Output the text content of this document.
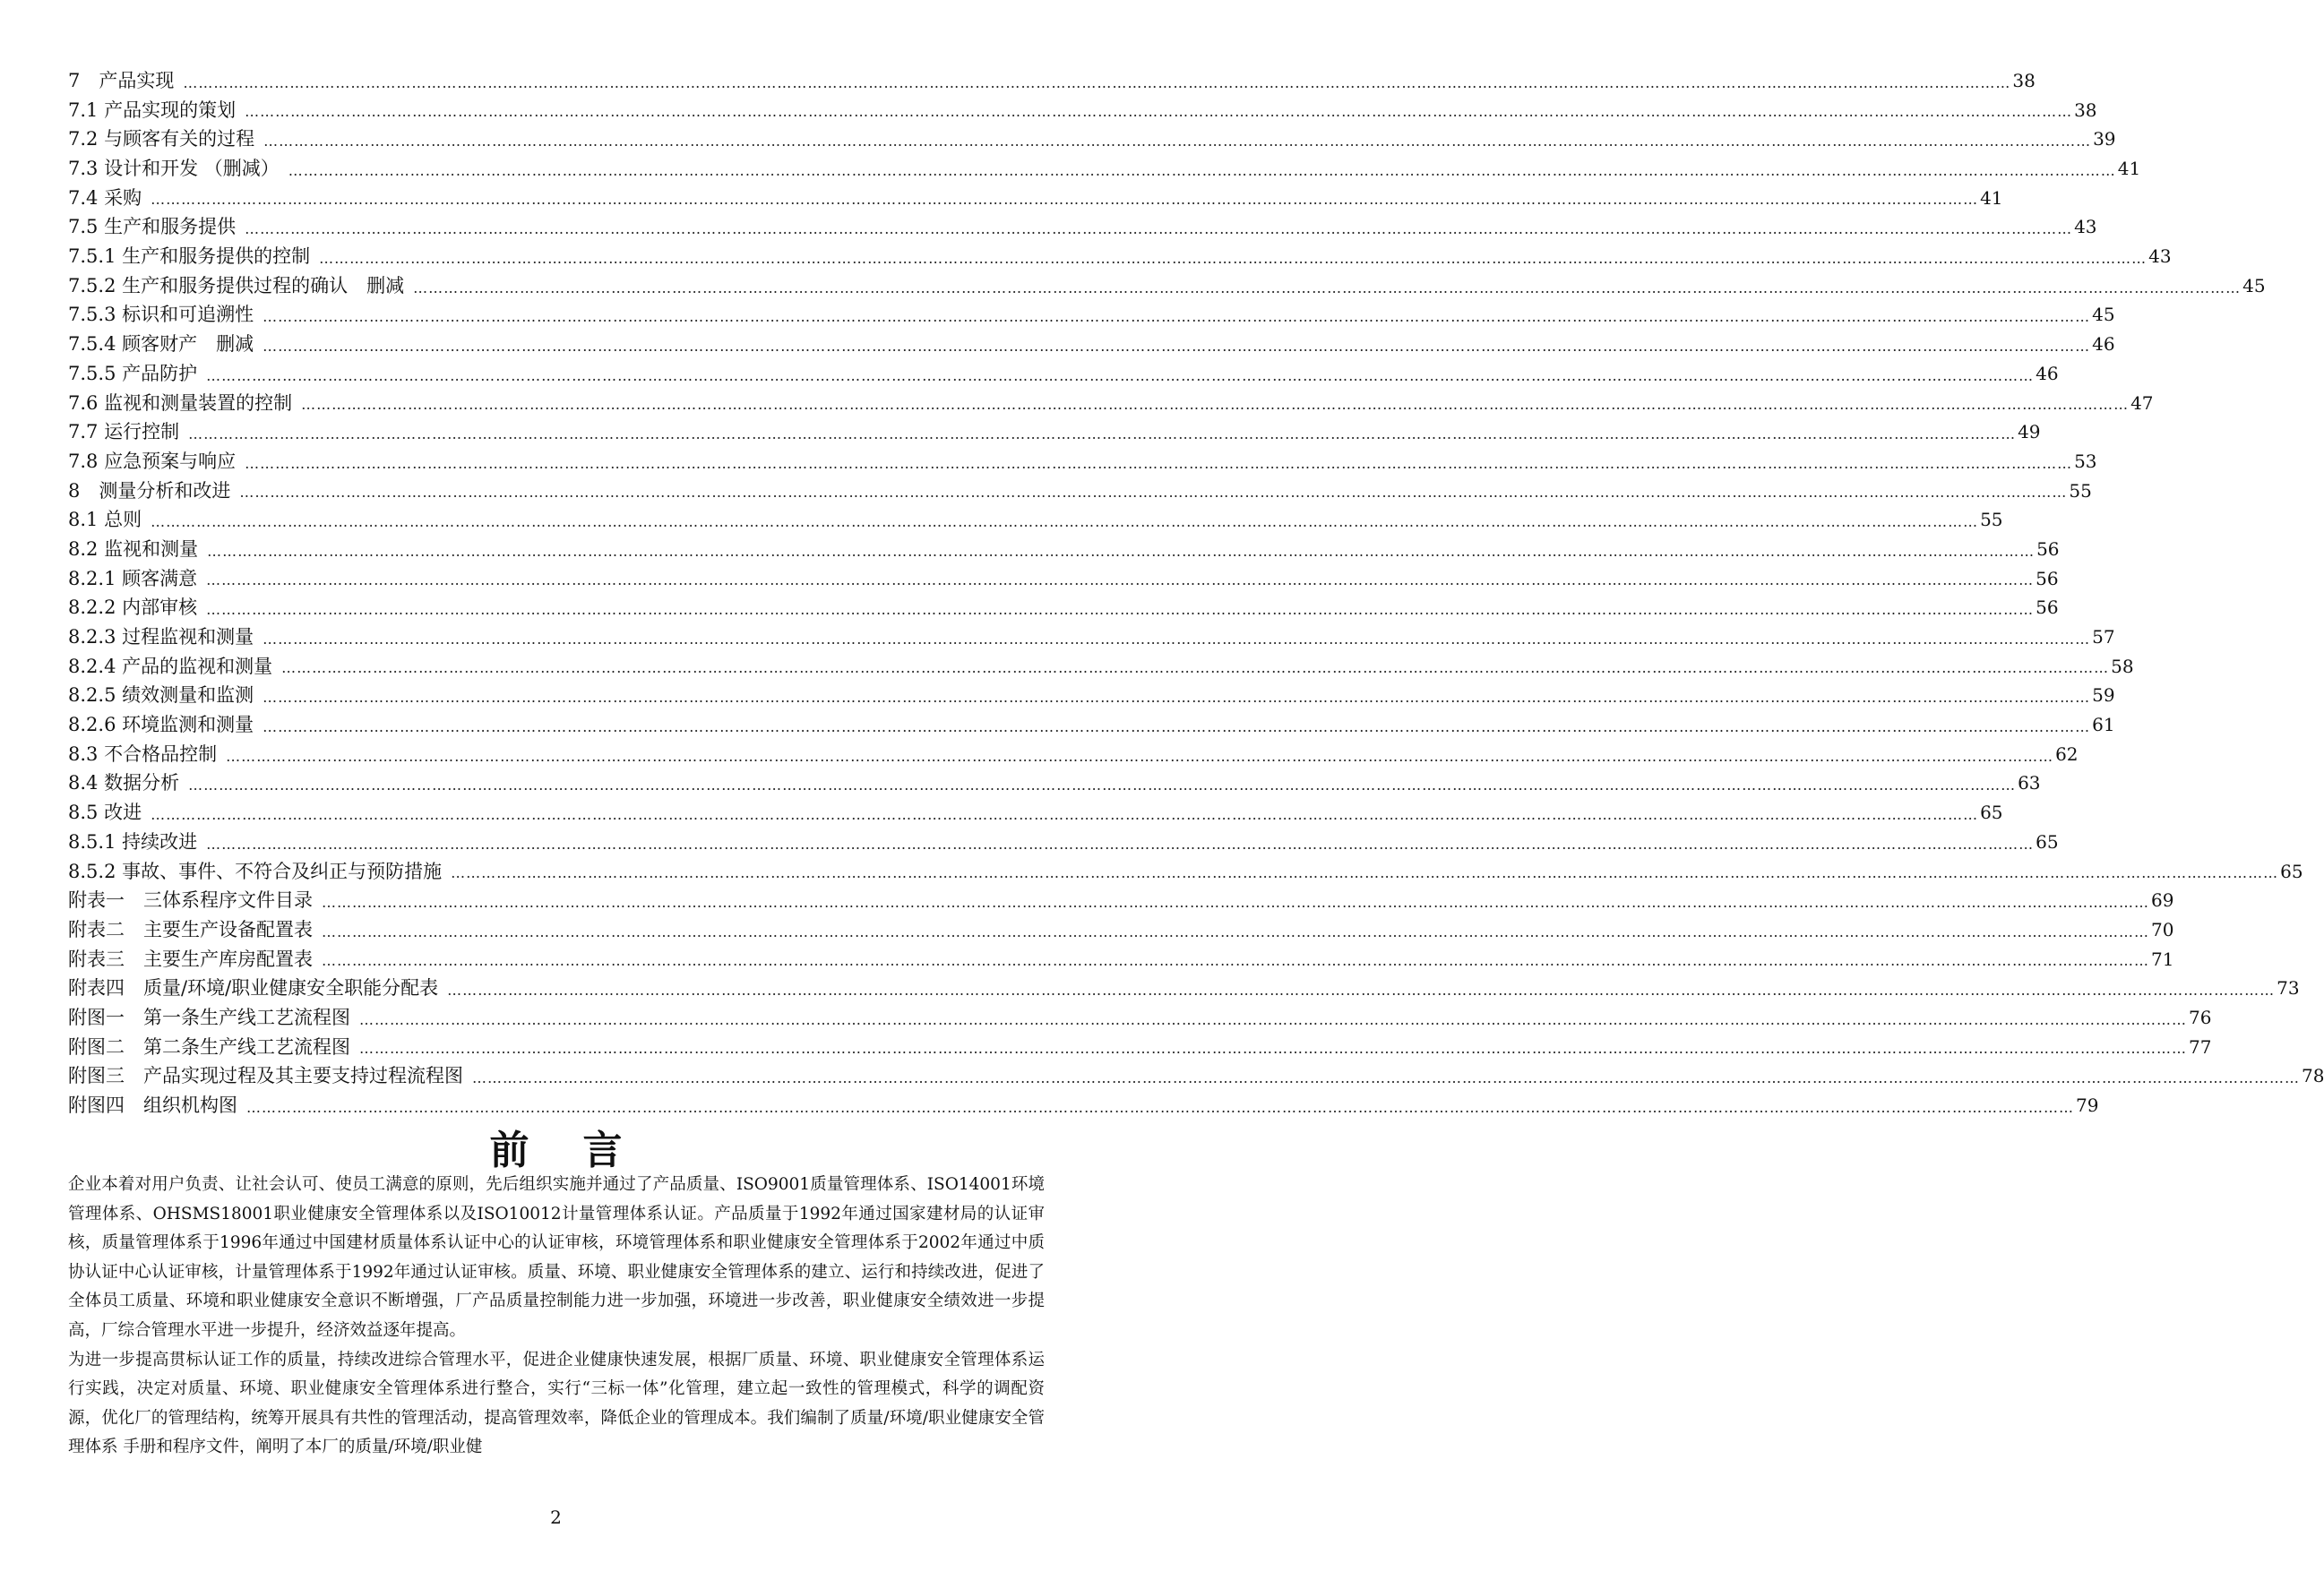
7　产品实现 ……………………………………………………………………………………………………………………………………………………………………………………………………………………………………………………………………………………………………………………………… 38
7.1 产品实现的策划 ……………………………………………………………………………………………………………………………………………………………………………………………………………………………………………………………………………………………………………………………… 38
7.2 与顾客有关的过程 ……………………………………………………………………………………………………………………………………………………………………………………………………………………………………………………………………………………………………………………………… 39
7.3 设计和开发 （删减） ……………………………………………………………………………………………………………………………………………………………………………………………………………………………………………………………………………………………………………………………… 41
7.4 采购 ……………………………………………………………………………………………………………………………………………………………………………………………………………………………………………………………………………………………………………………………… 41
7.5 生产和服务提供 ……………………………………………………………………………………………………………………………………………………………………………………………………………………………………………………………………………………………………………………………… 43
7.5.1 生产和服务提供的控制 ……………………………………………………………………………………………………………………………………………………………………………………………………………………………………………………………………………………………………………………………… 43
7.5.2 生产和服务提供过程的确认　删减 ……………………………………………………………………………………………………………………………………………………………………………………………………………………………………………………………………………………………………………………………… 45
7.5.3 标识和可追溯性 ……………………………………………………………………………………………………………………………………………………………………………………………………………………………………………………………………………………………………………………………… 45
7.5.4 顾客财产　删减 ……………………………………………………………………………………………………………………………………………………………………………………………………………………………………………………………………………………………………………………………… 46
7.5.5 产品防护 ……………………………………………………………………………………………………………………………………………………………………………………………………………………………………………………………………………………………………………………………… 46
7.6 监视和测量装置的控制 ……………………………………………………………………………………………………………………………………………………………………………………………………………………………………………………………………………………………………………………………… 47
7.7 运行控制 ……………………………………………………………………………………………………………………………………………………………………………………………………………………………………………………………………………………………………………………………… 49
7.8 应急预案与响应 ……………………………………………………………………………………………………………………………………………………………………………………………………………………………………………………………………………………………………………………………… 53
8　测量分析和改进 ……………………………………………………………………………………………………………………………………………………………………………………………………………………………………………………………………………………………………………………………… 55
8.1 总则 ……………………………………………………………………………………………………………………………………………………………………………………………………………………………………………………………………………………………………………………………… 55
8.2 监视和测量 ……………………………………………………………………………………………………………………………………………………………………………………………………………………………………………………………………………………………………………………………… 56
8.2.1 顾客满意 ……………………………………………………………………………………………………………………………………………………………………………………………………………………………………………………………………………………………………………………………… 56
8.2.2 内部审核 ……………………………………………………………………………………………………………………………………………………………………………………………………………………………………………………………………………………………………………………………… 56
8.2.3 过程监视和测量 ……………………………………………………………………………………………………………………………………………………………………………………………………………………………………………………………………………………………………………………………… 57
8.2.4 产品的监视和测量 ……………………………………………………………………………………………………………………………………………………………………………………………………………………………………………………………………………………………………………………………… 58
8.2.5 绩效测量和监测 ……………………………………………………………………………………………………………………………………………………………………………………………………………………………………………………………………………………………………………………………… 59
8.2.6 环境监测和测量 ……………………………………………………………………………………………………………………………………………………………………………………………………………………………………………………………………………………………………………………………… 61
8.3 不合格品控制 ……………………………………………………………………………………………………………………………………………………………………………………………………………………………………………………………………………………………………………………………… 62
8.4 数据分析 ……………………………………………………………………………………………………………………………………………………………………………………………………………………………………………………………………………………………………………………………… 63
8.5 改进 ……………………………………………………………………………………………………………………………………………………………………………………………………………………………………………………………………………………………………………………………… 65
8.5.1 持续改进 ……………………………………………………………………………………………………………………………………………………………………………………………………………………………………………………………………………………………………………………………… 65
8.5.2 事故、事件、不符合及纠正与预防措施 ……………………………………………………………………………………………………………………………………………………………………………………………………………………………………………………………………………………………………………………………… 65
附表一　三体系程序文件目录 ……………………………………………………………………………………………………………………………………………………………………………………………………………………………………………………………………………………………………………………………… 69
附表二　主要生产设备配置表 ……………………………………………………………………………………………………………………………………………………………………………………………………………………………………………………………………………………………………………………………… 70
附表三　主要生产库房配置表 ……………………………………………………………………………………………………………………………………………………………………………………………………………………………………………………………………………………………………………………………… 71
附表四　质量/环境/职业健康安全职能分配表 ……………………………………………………………………………………………………………………………………………………………………………………………………………………………………………………………………………………………………………………………… 73
附图一　第一条生产线工艺流程图 ……………………………………………………………………………………………………………………………………………………………………………………………………………………………………………………………………………………………………………………………… 76
附图二　第二条生产线工艺流程图 ……………………………………………………………………………………………………………………………………………………………………………………………………………………………………………………………………………………………………………………………… 77
附图三　产品实现过程及其主要支持过程流程图 ……………………………………………………………………………………………………………………………………………………………………………………………………………………………………………………………………………………………………………………………… 78
附图四　组织机构图 ……………………………………………………………………………………………………………………………………………………………………………………………………………………………………………………………………………………………………………………………… 79
前言

企业本着对用户负责、让社会认可、使员工满意的原则，先后组织实施并通过了产品质量、ISO9001质量管理体系、ISO14001环境管理体系、OHSMS18001职业健康安全管理体系以及ISO10012计量管理体系认证。产品质量于1992年通过国家建材局的认证审核，质量管理体系于1996年通过中国建材质量体系认证中心的认证审核，环境管理体系和职业健康安全管理体系于2002年通过中质协认证中心认证审核，计量管理体系于1992年通过认证审核。质量、环境、职业健康安全管理体系的建立、运行和持续改进，促进了全体员工质量、环境和职业健康安全意识不断增强，厂产品质量控制能力进一步加强，环境进一步改善，职业健康安全绩效进一步提高，厂综合管理水平进一步提升，经济效益逐年提高。

为进一步提高贯标认证工作的质量，持续改进综合管理水平，促进企业健康快速发展，根据厂质量、环境、职业健康安全管理体系运行实践，决定对质量、环境、职业健康安全管理体系进行整合，实行“三标一体”化管理，建立起一致性的管理模式，科学的调配资源，优化厂的管理结构，统筹开展具有共性的管理活动，提高管理效率，降低企业的管理成本。我们编制了质量/环境/职业健康安全管理体系 手册和程序文件，阐明了本厂的质量/环境/职业健

2
